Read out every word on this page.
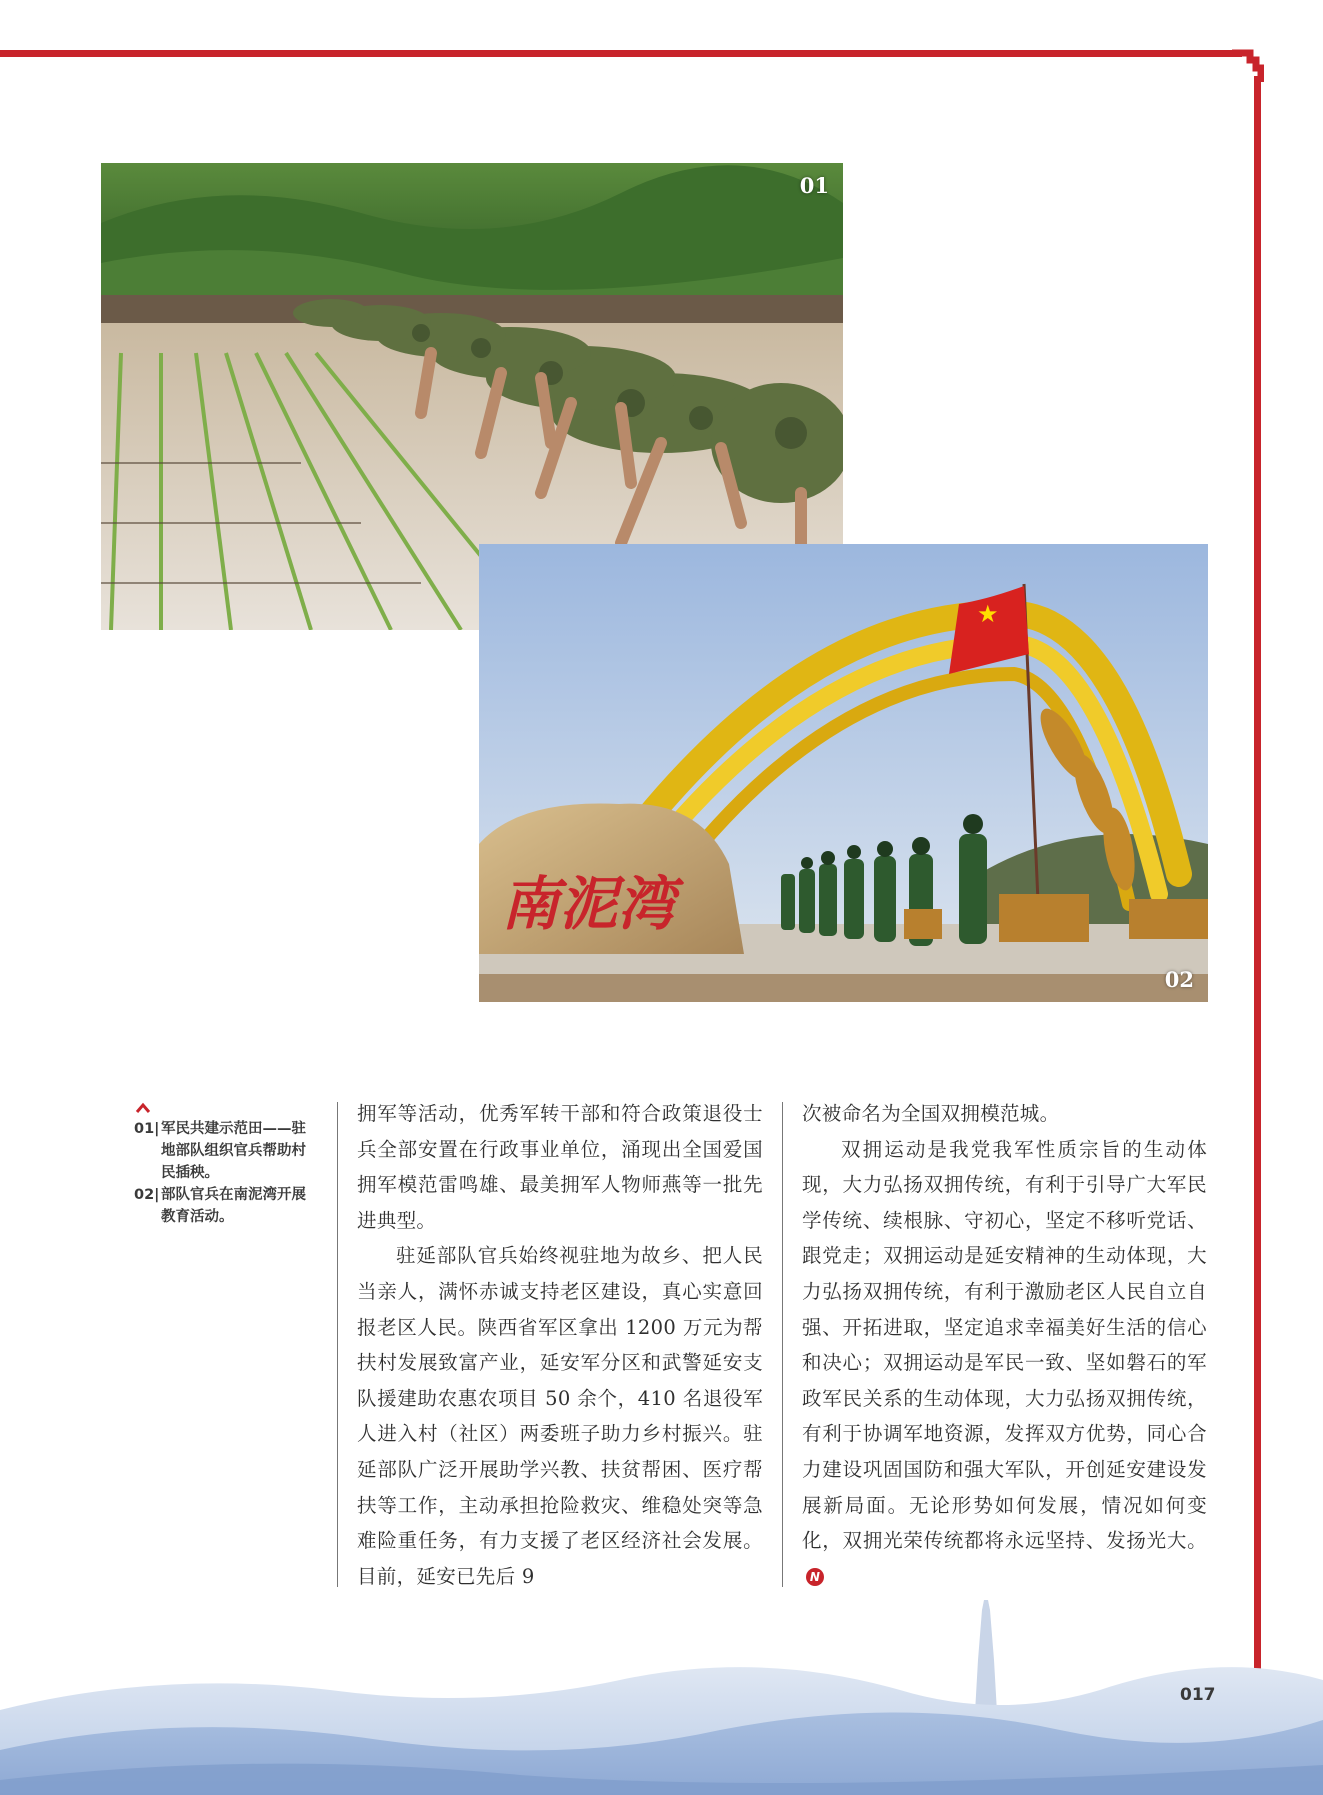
01
南泥湾
★
02
01| 军民共建示范田——驻地部队组织官兵帮助村民插秧。
02| 部队官兵在南泥湾开展教育活动。

拥军等活动，优秀军转干部和符合政策退役士兵全部安置在行政事业单位，涌现出全国爱国拥军模范雷鸣雄、最美拥军人物师燕等一批先进典型。

驻延部队官兵始终视驻地为故乡、把人民当亲人，满怀赤诚支持老区建设，真心实意回报老区人民。陕西省军区拿出 1200 万元为帮扶村发展致富产业，延安军分区和武警延安支队援建助农惠农项目 50 余个，410 名退役军人进入村（社区）两委班子助力乡村振兴。驻延部队广泛开展助学兴教、扶贫帮困、医疗帮扶等工作，主动承担抢险救灾、维稳处突等急难险重任务，有力支援了老区经济社会发展。目前，延安已先后 9

次被命名为全国双拥模范城。

双拥运动是我党我军性质宗旨的生动体现，大力弘扬双拥传统，有利于引导广大军民学传统、续根脉、守初心，坚定不移听党话、跟党走；双拥运动是延安精神的生动体现，大力弘扬双拥传统，有利于激励老区人民自立自强、开拓进取，坚定追求幸福美好生活的信心和决心；双拥运动是军民一致、坚如磐石的军政军民关系的生动体现，大力弘扬双拥传统，有利于协调军地资源，发挥双方优势，同心合力建设巩固国防和强大军队，开创延安建设发展新局面。无论形势如何发展，情况如何变化，双拥光荣传统都将永远坚持、发扬光大。N

017
